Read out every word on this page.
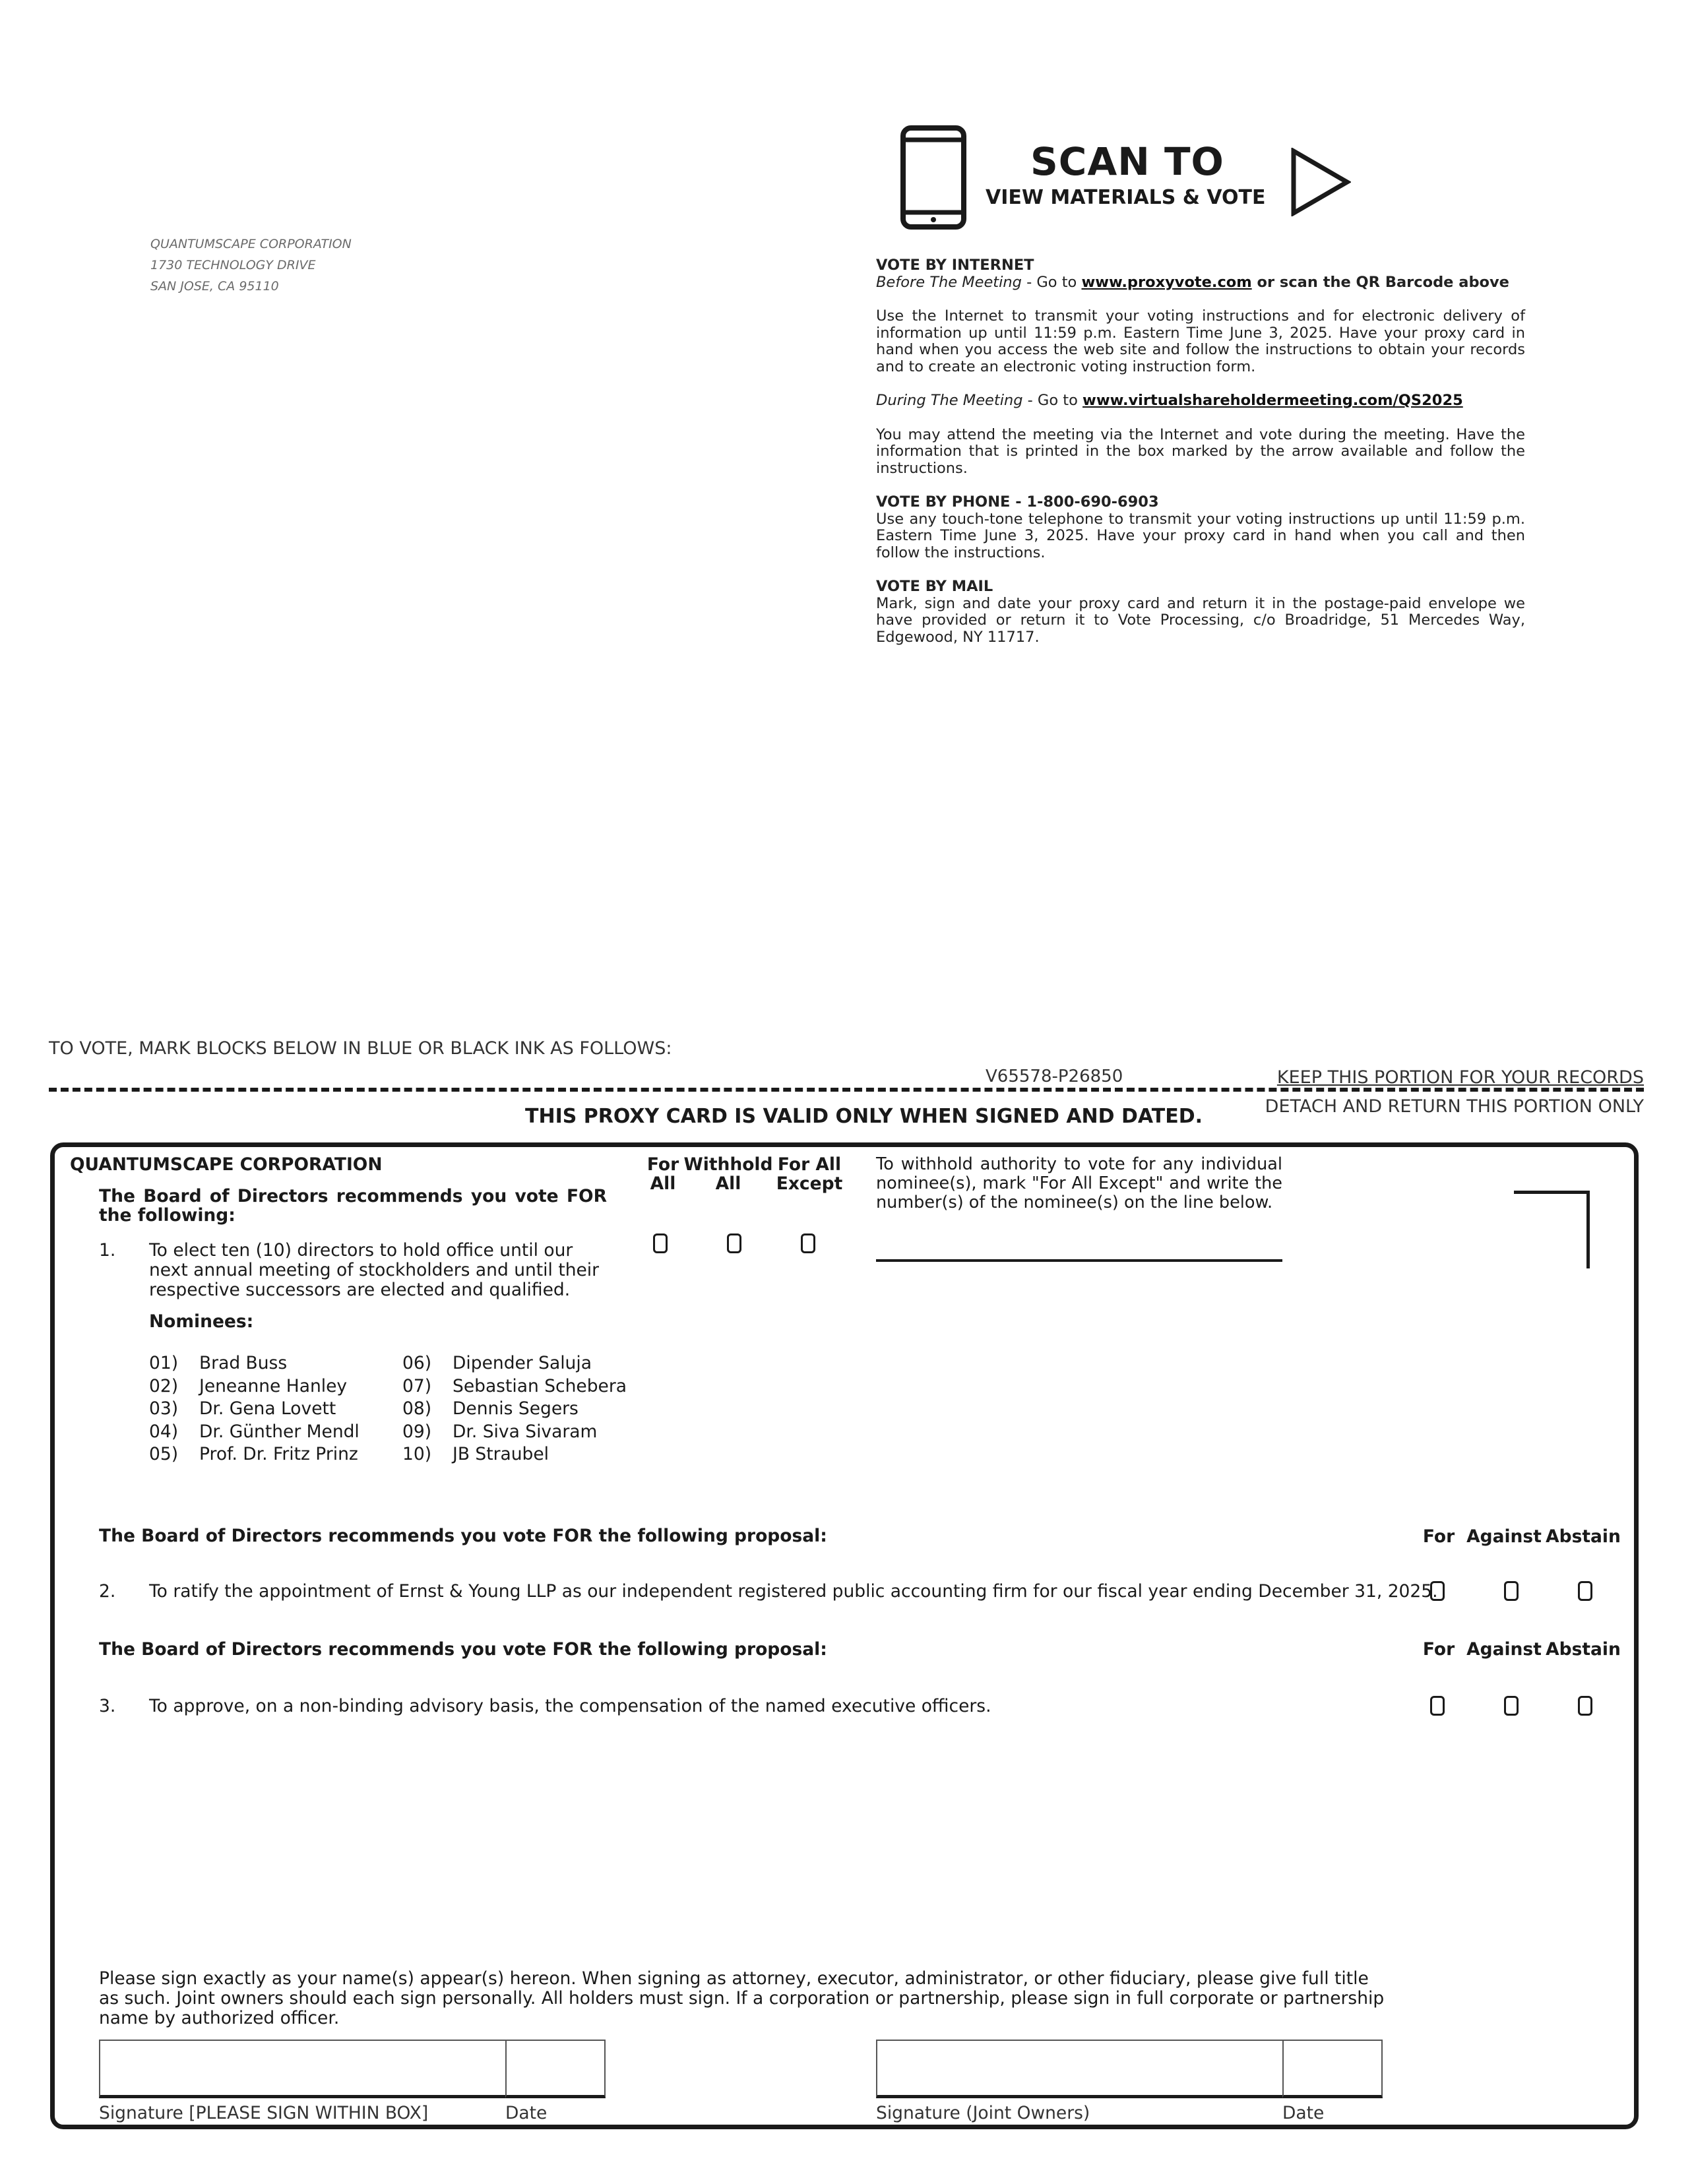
QUANTUMSCAPE CORPORATION
1730 TECHNOLOGY DRIVE
SAN JOSE, CA 95110
SCAN TO
VIEW MATERIALS & VOTE
VOTE BY INTERNET

Before The Meeting - Go to www.proxyvote.com or scan the QR Barcode above

Use the Internet to transmit your voting instructions and for electronic delivery of information up until 11:59 p.m. Eastern Time June 3, 2025. Have your proxy card in hand when you access the web site and follow the instructions to obtain your records and to create an electronic voting instruction form.

During The Meeting - Go to www.virtualshareholdermeeting.com/QS2025

You may attend the meeting via the Internet and vote during the meeting. Have the information that is printed in the box marked by the arrow available and follow the instructions.

VOTE BY PHONE - 1-800-690-6903

Use any touch-tone telephone to transmit your voting instructions up until 11:59 p.m. Eastern Time June 3, 2025. Have your proxy card in hand when you call and then follow the instructions.

VOTE BY MAIL

Mark, sign and date your proxy card and return it in the postage-paid envelope we have provided or return it to Vote Processing, c/o Broadridge, 51 Mercedes Way, Edgewood, NY 11717.

TO VOTE, MARK BLOCKS BELOW IN BLUE OR BLACK INK AS FOLLOWS:
V65578-P26850	KEEP THIS PORTION FOR YOUR RECORDS
DETACH AND RETURN THIS PORTION ONLY
THIS PROXY CARD IS VALID ONLY WHEN SIGNED AND DATED.
QUANTUMSCAPE CORPORATION
The Board of Directors recommends you vote FOR the following:
1. To elect ten (10) directors to hold office until our next annual meeting of stockholders and until their respective successors are elected and qualified.
Nominees:
01) Brad Buss
02) Jeneanne Hanley
03) Dr. Gena Lovett
04) Dr. Günther Mendl
05) Prof. Dr. Fritz Prinz
06) Dipender Saluja
07) Sebastian Schebera
08) Dennis Segers
09) Dr. Siva Sivaram
10) JB Straubel
For
All
Withhold
All
For All
Except
To withhold authority to vote for any individual nominee(s), mark "For All Except" and write the number(s) of the nominee(s) on the line below.
The Board of Directors recommends you vote FOR the following proposal:	For Against Abstain
2. To ratify the appointment of Ernst & Young LLP as our independent registered public accounting firm for our fiscal year ending December 31, 2025.
The Board of Directors recommends you vote FOR the following proposal:	For Against Abstain
3. To approve, on a non-binding advisory basis, the compensation of the named executive officers.
Please sign exactly as your name(s) appear(s) hereon. When signing as attorney, executor, administrator, or other fiduciary, please give full title as such. Joint owners should each sign personally. All holders must sign. If a corporation or partnership, please sign in full corporate or partnership name by authorized officer.
Signature [PLEASE SIGN WITHIN BOX]	Date	Signature (Joint Owners)	Date
